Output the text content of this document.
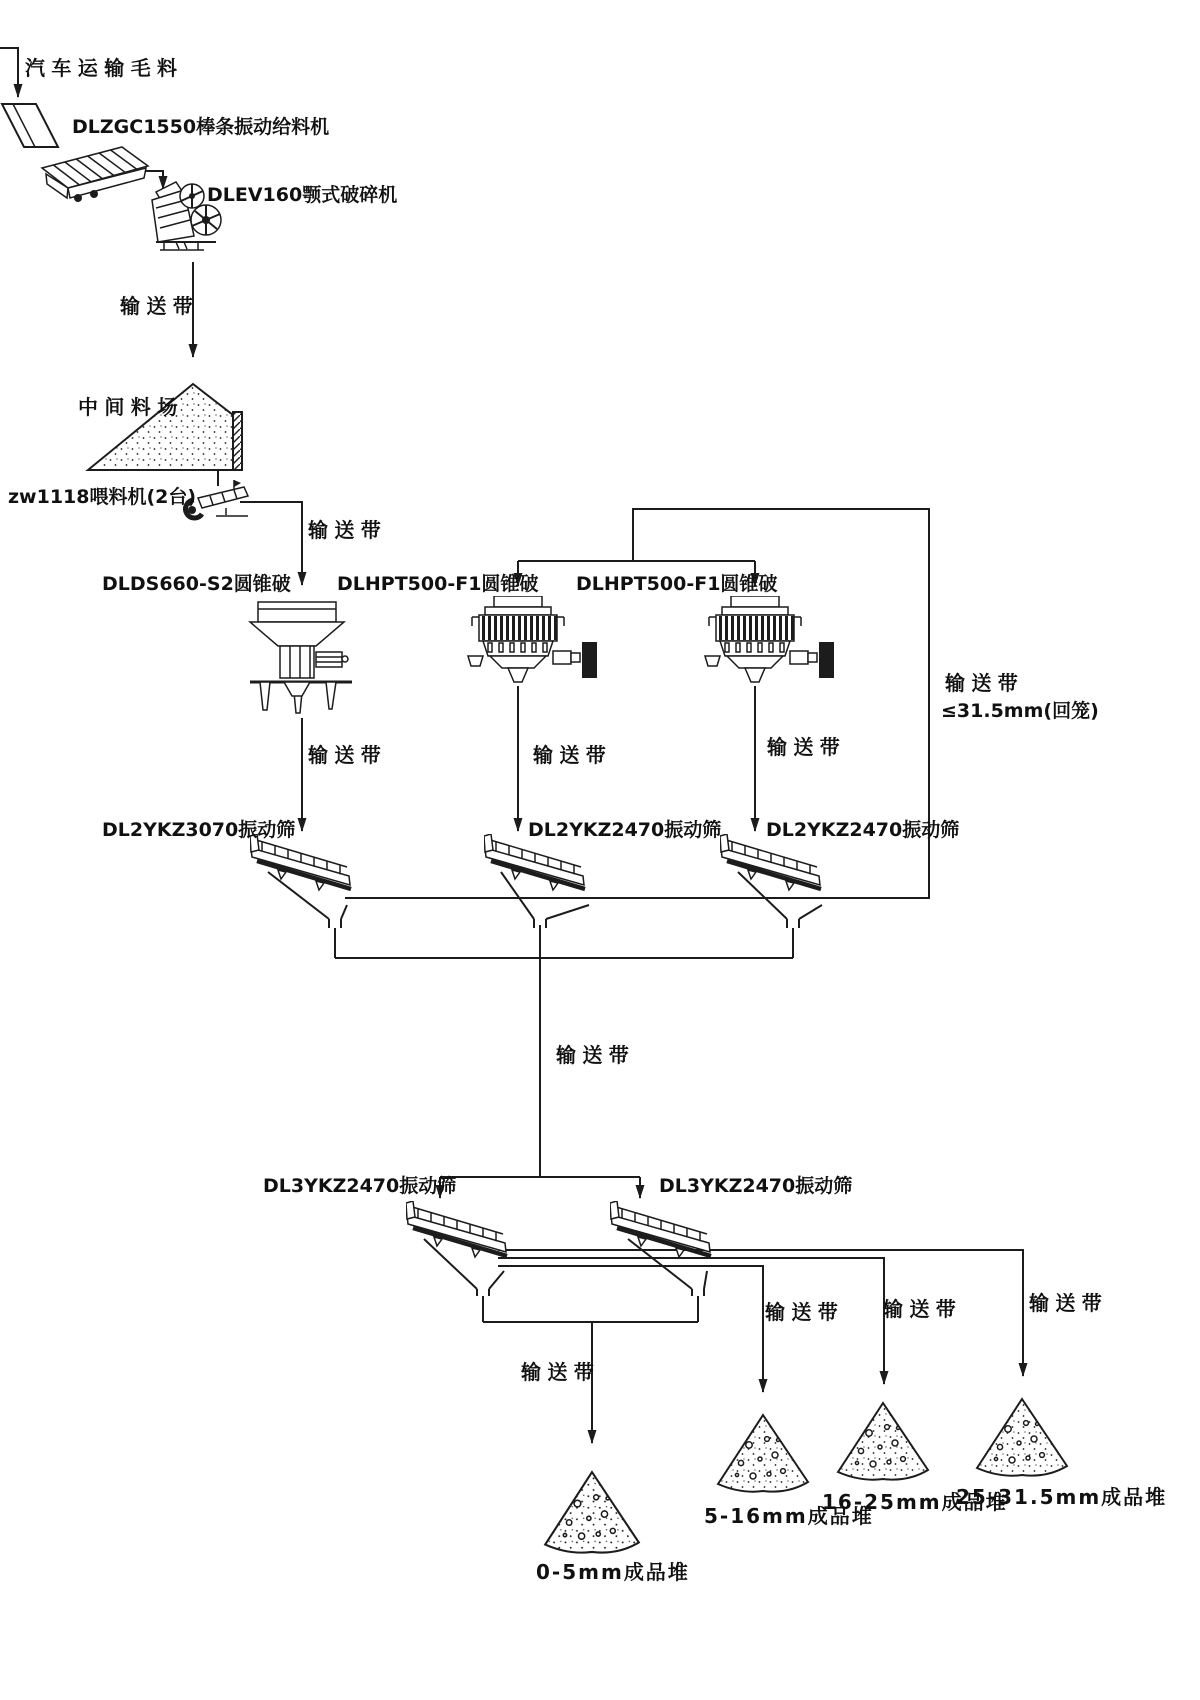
汽车运输毛料
DLZGC1550棒条振动给料机
DLEV160颚式破碎机
输送带
中间料场
zw1118喂料机(2台)
输送带
DLDS660-S2圆锥破 DLHPT500-F1圆锥破 DLHPT500-F1圆锥破
输送带
≤31.5mm(回笼)
输送带	输送带	输送带
DL2YKZ3070振动筛	DL2YKZ2470振动筛 DL2YKZ2470振动筛
输送带
DL3YKZ2470振动筛	DL3YKZ2470振动筛
输送带
输送带 输送带	输送带
0-5mm成品堆
5-16mm成品堆
16-25mm成品堆
25-31.5mm成品堆
